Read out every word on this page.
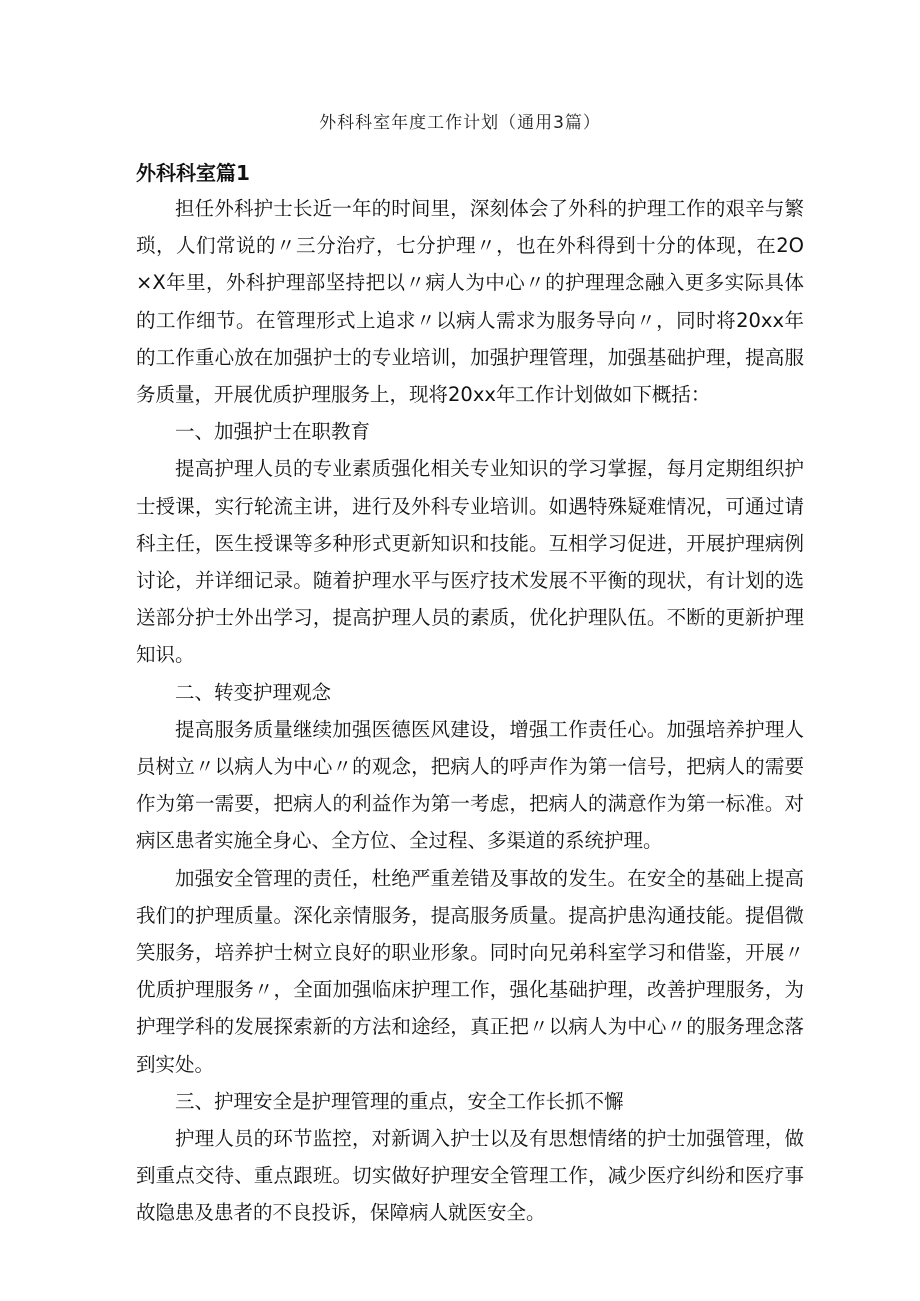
外科科室年度工作计划（通用3篇）

外科科室篇1

担任外科护士长近一年的时间里，深刻体会了外科的护理工作的艰辛与繁琐，人们常说的〃三分治疗，七分护理〃，也在外科得到十分的体现，在2O×X年里，外科护理部坚持把以〃病人为中心〃的护理理念融入更多实际具体的工作细节。在管理形式上追求〃以病人需求为服务导向〃，同时将20xx年的工作重心放在加强护士的专业培训，加强护理管理，加强基础护理，提高服务质量，开展优质护理服务上，现将20xx年工作计划做如下概括：

一、加强护士在职教育

提高护理人员的专业素质强化相关专业知识的学习掌握，每月定期组织护士授课，实行轮流主讲，进行及外科专业培训。如遇特殊疑难情况，可通过请科主任，医生授课等多种形式更新知识和技能。互相学习促进，开展护理病例讨论，并详细记录。随着护理水平与医疗技术发展不平衡的现状，有计划的选送部分护士外出学习，提高护理人员的素质，优化护理队伍。不断的更新护理知识。

二、转变护理观念

提高服务质量继续加强医德医风建设，增强工作责任心。加强培养护理人员树立〃以病人为中心〃的观念，把病人的呼声作为第一信号，把病人的需要作为第一需要，把病人的利益作为第一考虑，把病人的满意作为第一标准。对病区患者实施全身心、全方位、全过程、多渠道的系统护理。

加强安全管理的责任，杜绝严重差错及事故的发生。在安全的基础上提高我们的护理质量。深化亲情服务，提高服务质量。提高护患沟通技能。提倡微笑服务，培养护士树立良好的职业形象。同时向兄弟科室学习和借鉴，开展〃优质护理服务〃，全面加强临床护理工作，强化基础护理，改善护理服务，为护理学科的发展探索新的方法和途经，真正把〃以病人为中心〃的服务理念落到实处。

三、护理安全是护理管理的重点，安全工作长抓不懈

护理人员的环节监控，对新调入护士以及有思想情绪的护士加强管理，做到重点交待、重点跟班。切实做好护理安全管理工作，减少医疗纠纷和医疗事故隐患及患者的不良投诉，保障病人就医安全。
